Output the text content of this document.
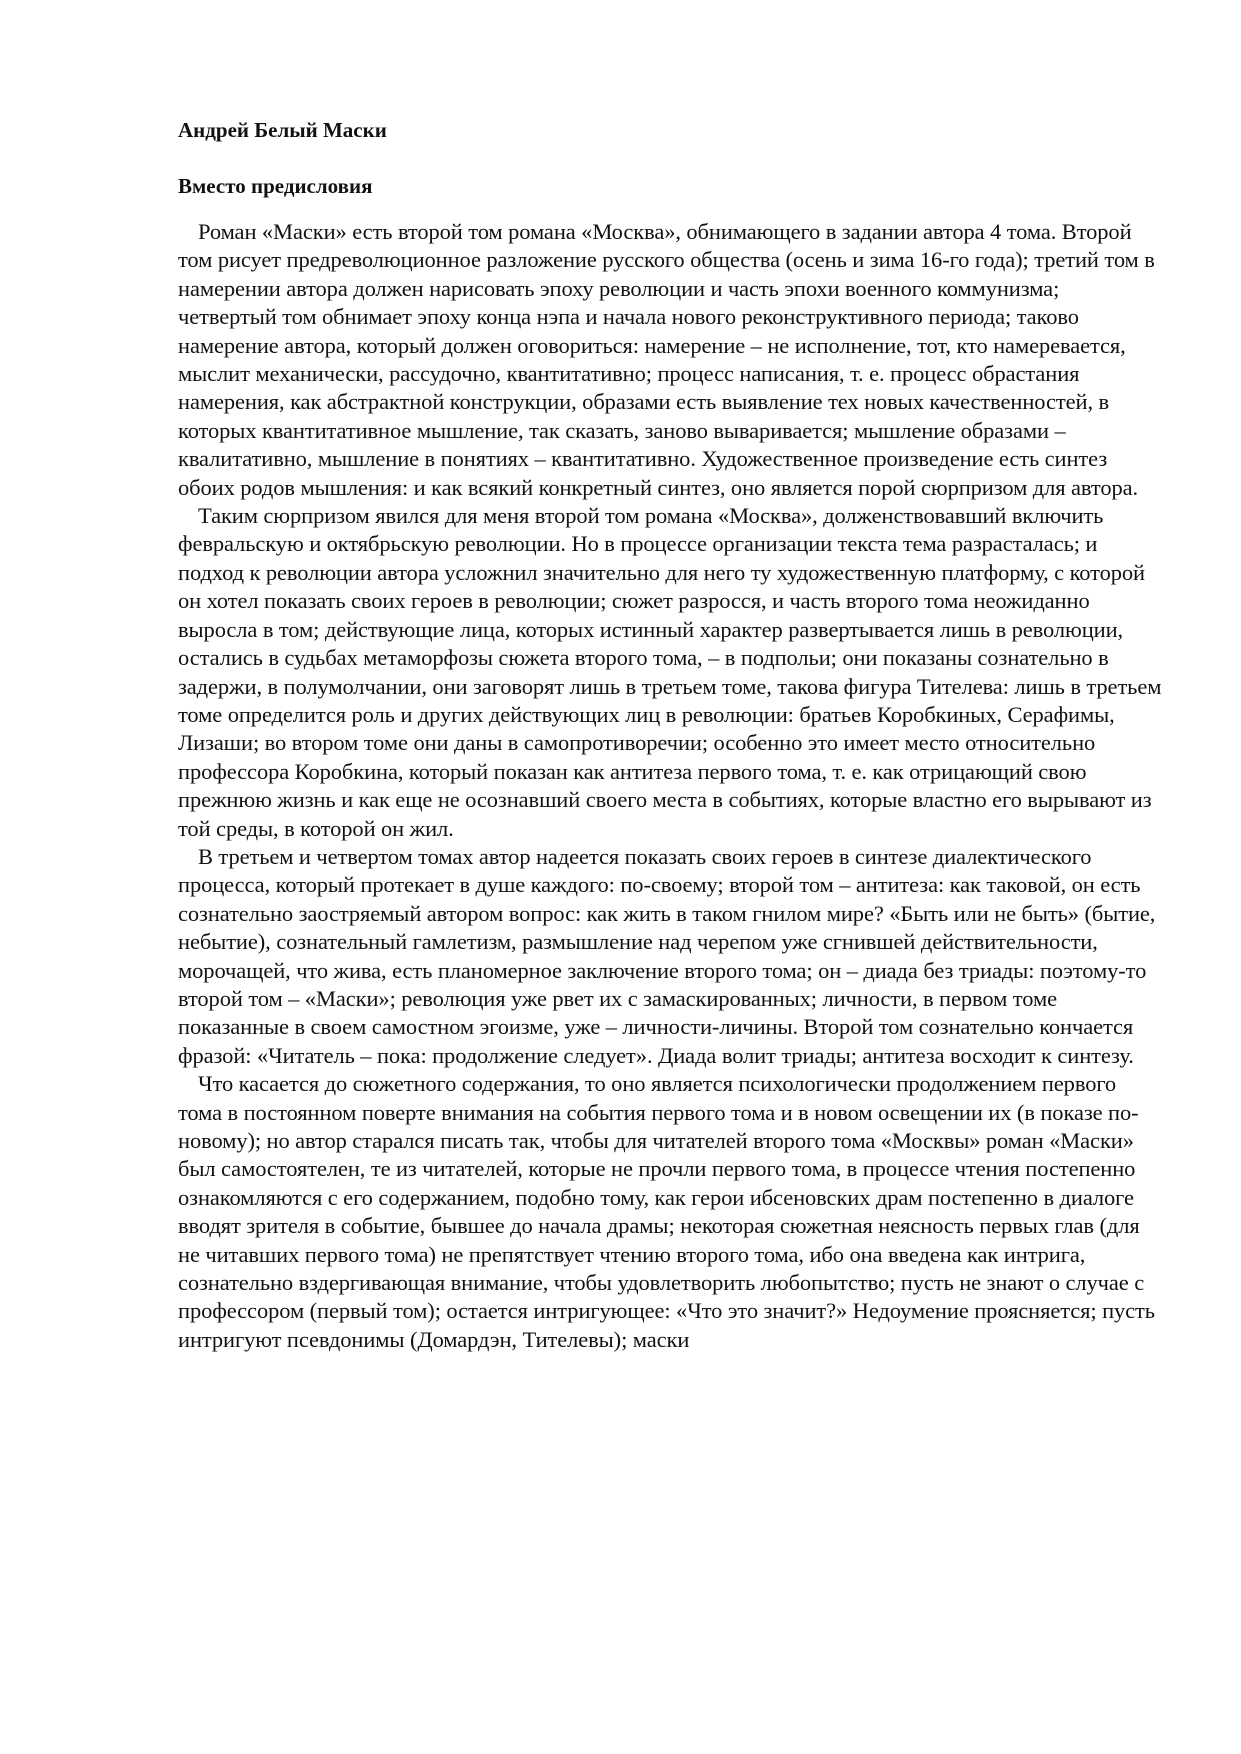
Андрей Белый Маски
Вместо предисловия

Роман «Маски» есть второй том романа «Москва», обнимающего в задании автора 4 тома. Второй том рисует предреволюционное разложение русского общества (осень и зима 16-го года); третий том в намерении автора должен нарисовать эпоху революции и часть эпохи военного коммунизма; четвертый том обнимает эпоху конца нэпа и начала нового реконструктивного периода; таково намерение автора, который должен оговориться: намерение – не исполнение, тот, кто намеревается, мыслит механически, рассудочно, квантитативно; процесс написания, т. е. процесс обрастания намерения, как абстрактной конструкции, образами есть выявление тех новых качественностей, в которых квантитативное мышление, так сказать, заново вываривается; мышление образами – квалитативно, мышление в понятиях – квантитативно. Художественное произведение есть синтез обоих родов мышления: и как всякий конкретный синтез, оно является порой сюрпризом для автора.

Таким сюрпризом явился для меня второй том романа «Москва», долженствовавший включить февральскую и октябрьскую революции. Но в процессе организации текста тема разрасталась; и подход к революции автора усложнил значительно для него ту художественную платформу, с которой он хотел показать своих героев в революции; сюжет разросся, и часть второго тома неожиданно выросла в том; действующие лица, которых истинный характер развертывается лишь в революции, остались в судьбах метаморфозы сюжета второго тома, – в подпольи; они показаны сознательно в задержи, в полумолчании, они заговорят лишь в третьем томе, такова фигура Тителева: лишь в третьем томе определится роль и других действующих лиц в революции: братьев Коробкиных, Серафимы, Лизаши; во втором томе они даны в самопротиворечии; особенно это имеет место относительно профессора Коробкина, который показан как антитеза первого тома, т. е. как отрицающий свою прежнюю жизнь и как еще не осознавший своего места в событиях, которые властно его вырывают из той среды, в которой он жил.

В третьем и четвертом томах автор надеется показать своих героев в синтезе диалектического процесса, который протекает в душе каждого: по-своему; второй том – антитеза: как таковой, он есть сознательно заостряемый автором вопрос: как жить в таком гнилом мире? «Быть или не быть» (бытие, небытие), сознательный гамлетизм, размышление над черепом уже сгнившей действительности, морочащей, что жива, есть планомерное заключение второго тома; он – диада без триады: поэтому-то второй том – «Маски»; революция уже рвет их с замаскированных; личности, в первом томе показанные в своем самостном эгоизме, уже – личности-личины. Второй том сознательно кончается фразой: «Читатель – пока: продолжение следует». Диада волит триады; антитеза восходит к синтезу.

Что касается до сюжетного содержания, то оно является психологически продолжением первого тома в постоянном поверте внимания на события первого тома и в новом освещении их (в показе по-новому); но автор старался писать так, чтобы для читателей второго тома «Москвы» роман «Маски» был самостоятелен, те из читателей, которые не прочли первого тома, в процессе чтения постепенно ознакомляются с его содержанием, подобно тому, как герои ибсеновских драм постепенно в диалоге вводят зрителя в событие, бывшее до начала драмы; некоторая сюжетная неясность первых глав (для не читавших первого тома) не препятствует чтению второго тома, ибо она введена как интрига, сознательно вздергивающая внимание, чтобы удовлетворить любопытство; пусть не знают о случае с профессором (первый том); остается интригующее: «Что это значит?» Недоумение проясняется; пусть интригуют псевдонимы (Домардэн, Тителевы); маски
